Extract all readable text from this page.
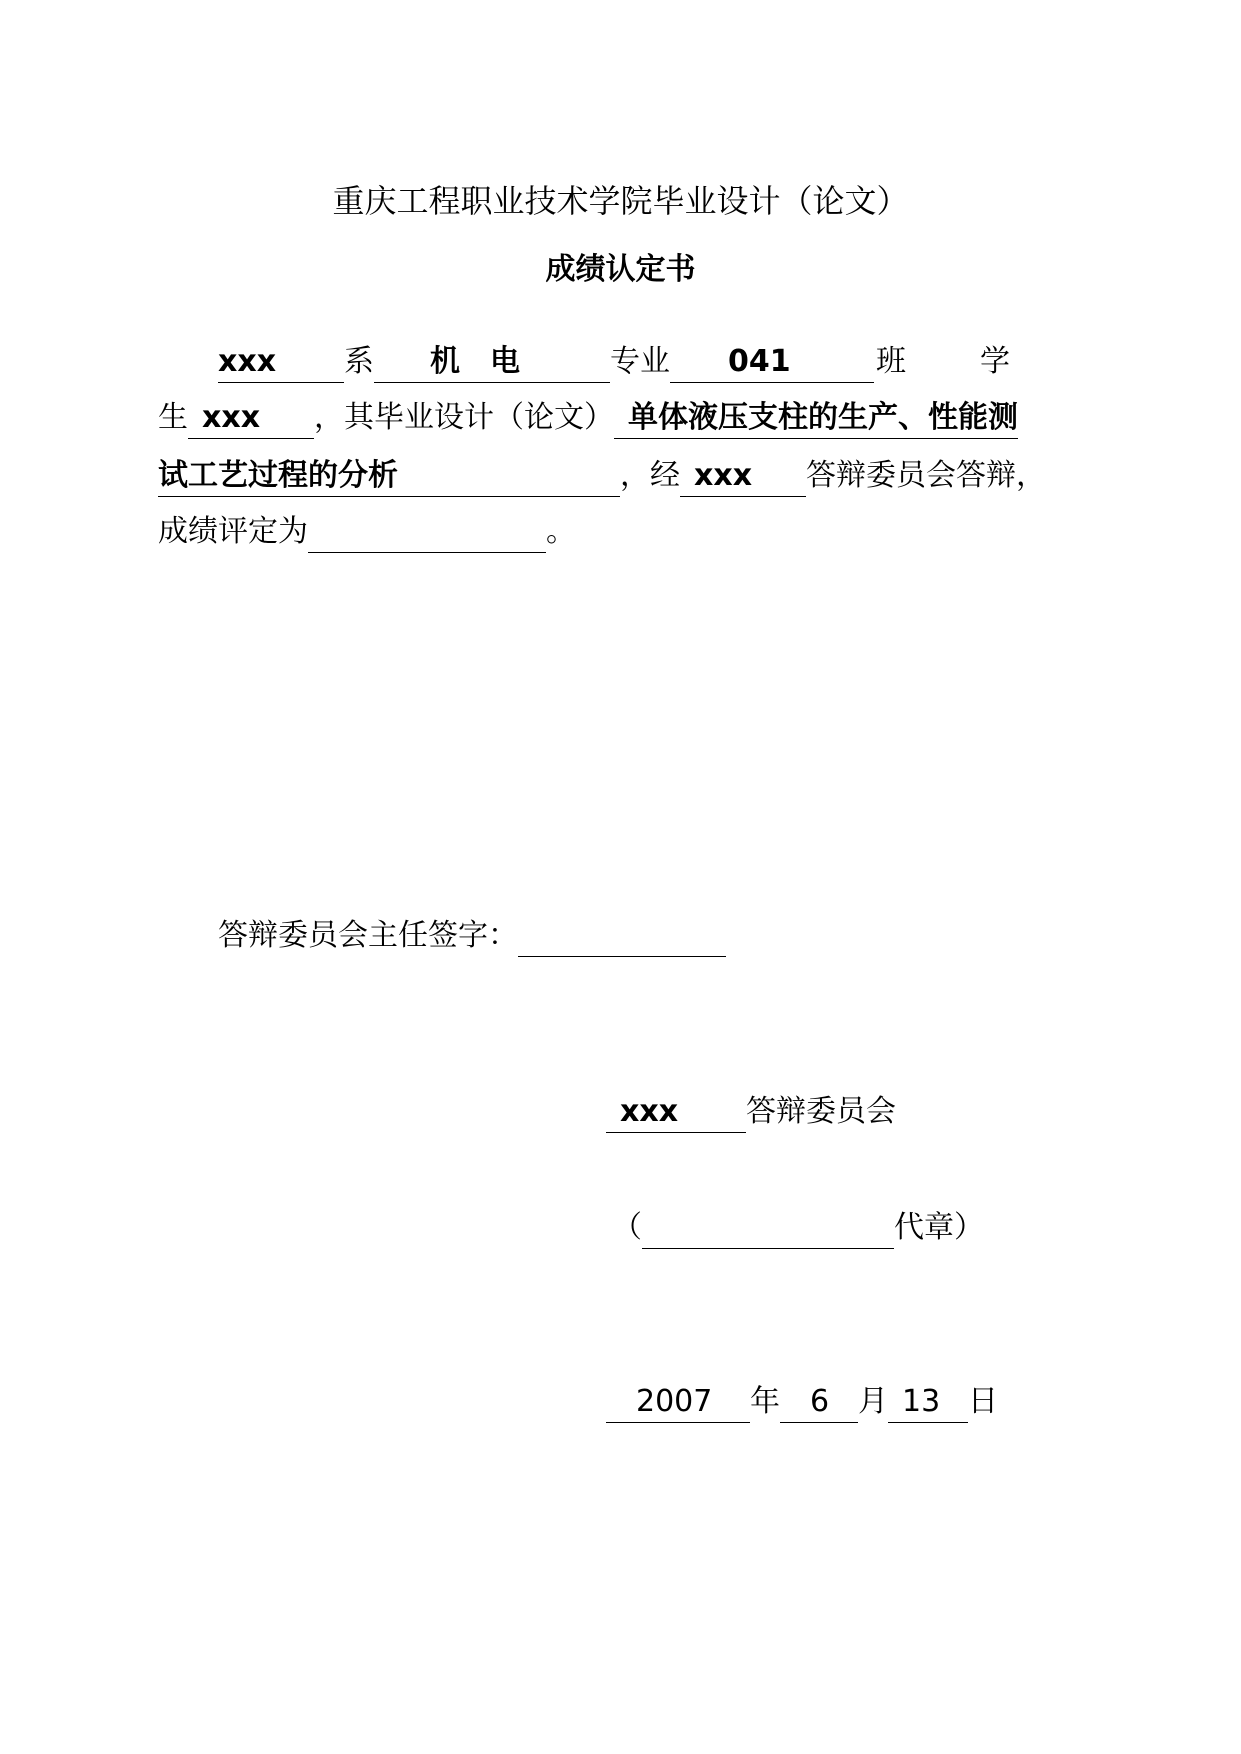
重庆工程职业技术学院毕业设计（论文）
成绩认定书
xxx 系 机　电	专业 041	班 学
生 xxx ，其毕业设计（论文） 单体液压支柱的生产、性能测
试工艺过程的分析	，经 xxx 答辩委员会答辩，
成绩评定为	。
答辩委员会主任签字：
xxx 答辩委员会
（	代章）
2007 年 6 月 13 日
